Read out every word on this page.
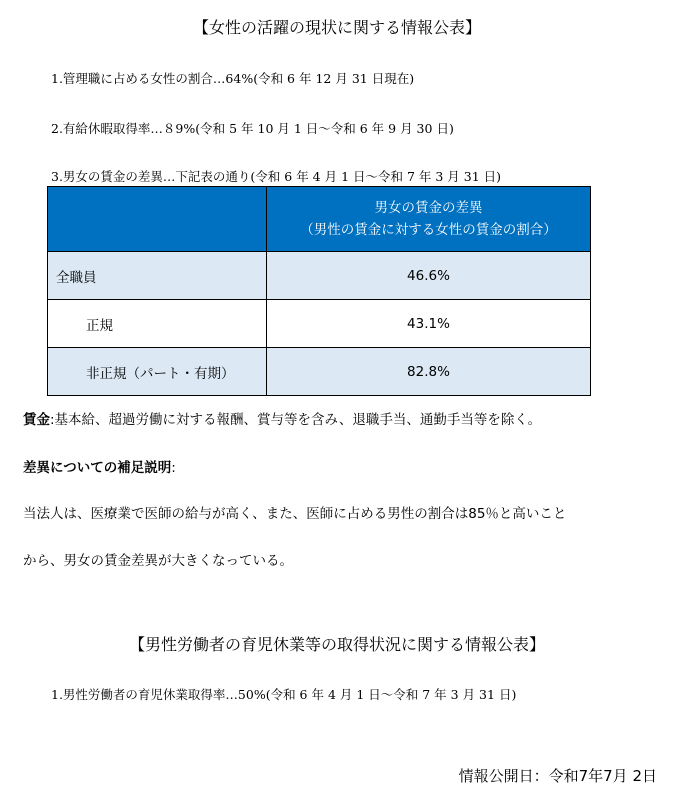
【女性の活躍の現状に関する情報公表】
1.管理職に占める女性の割合…64%(令和 6 年 12 月 31 日現在)
2.有給休暇取得率…８9%(令和 5 年 10 月 1 日～令和 6 年 9 月 30 日)
3.男女の賃金の差異…下記表の通り(令和 6 年 4 月 1 日～令和 7 年 3 月 31 日)

	男女の賃金の差異
（男性の賃金に対する女性の賃金の割合）

全職員	46.6%
正規	43.1%
非正規（パート・有期）	82.8%
賃金:基本給、超過労働に対する報酬、賞与等を含み、退職手当、通勤手当等を除く。
差異についての補足説明:
当法人は、医療業で医師の給与が高く、また、医師に占める男性の割合は85％と高いこと
から、男女の賃金差異が大きくなっている。
【男性労働者の育児休業等の取得状況に関する情報公表】
1.男性労働者の育児休業取得率…50%(令和 6 年 4 月 1 日～令和 7 年 3 月 31 日)
情報公開日：令和7年7月 2日
